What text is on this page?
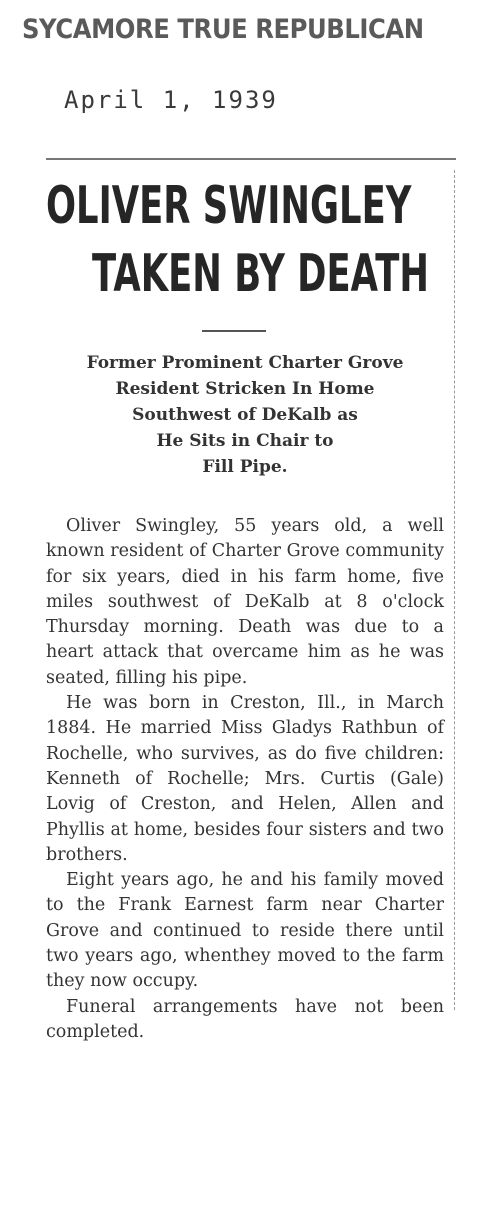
SYCAMORE TRUE REPUBLICAN
April 1, 1939
OLIVER SWINGLEY
TAKEN BY DEATH
Former Prominent Charter Grove
Resident Stricken In Home
Southwest of DeKalb as
He Sits in Chair to
Fill Pipe.

Oliver Swingley, 55 years old, a well known resident of Charter Grove community for six years, died in his farm home, five miles southwest of DeKalb at 8 o'clock Thursday morning. Death was due to a heart attack that overcame him as he was seated, filling his pipe.

He was born in Creston, Ill., in March 1884. He married Miss Gladys Rathbun of Rochelle, who survives, as do five children: Kenneth of Rochelle; Mrs. Curtis (Gale) Lovig of Creston, and Helen, Allen and Phyllis at home, besides four sisters and two brothers.

Eight years ago, he and his family moved to the Frank Earnest farm near Charter Grove and continued to reside there until two years ago, whenthey moved to the farm they now occupy.

Funeral arrangements have not been completed.
